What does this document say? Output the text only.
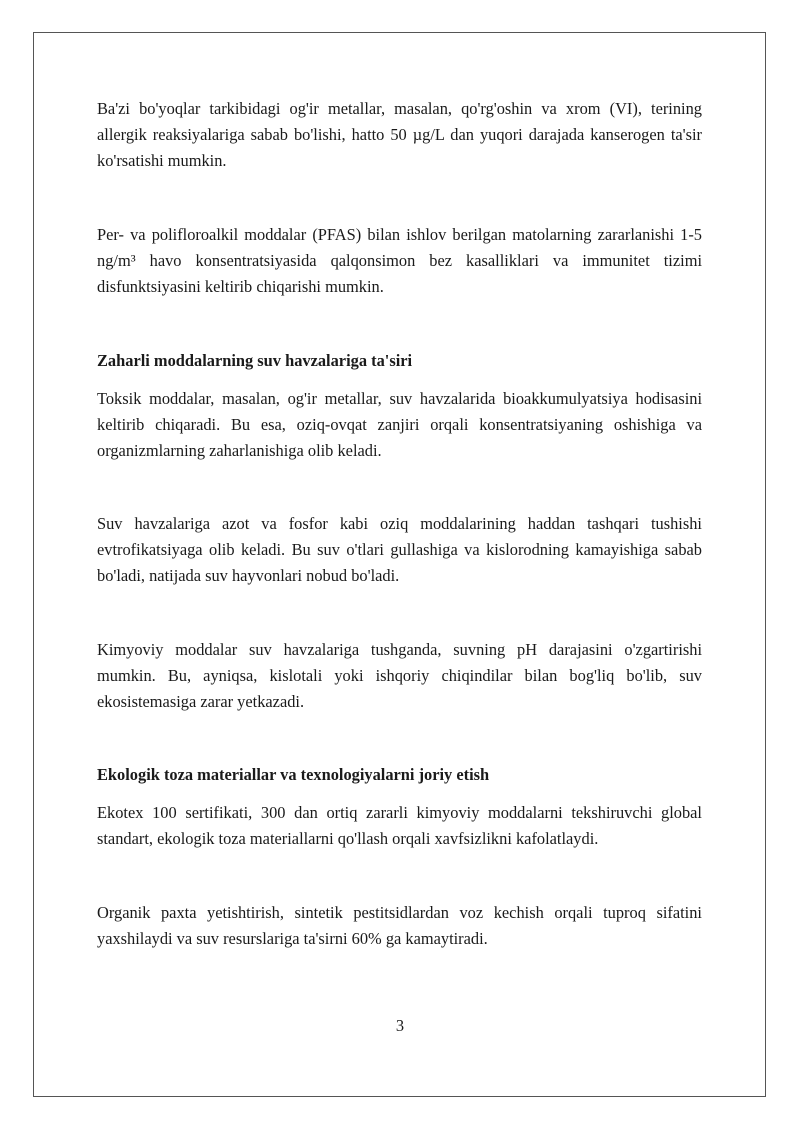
Ba'zi bo'yoqlar tarkibidagi og'ir metallar, masalan, qo'rg'oshin va xrom (VI), terining allergik reaksiyalariga sabab bo'lishi, hatto 50 µg/L dan yuqori darajada kanserogen ta'sir ko'rsatishi mumkin.

Per- va polifloroalkil moddalar (PFAS) bilan ishlov berilgan matolarning zararlanishi 1-5 ng/m³ havo konsentratsiyasida qalqonsimon bez kasalliklari va immunitet tizimi disfunktsiyasini keltirib chiqarishi mumkin.

Zaharli moddalarning suv havzalariga ta'siri

Toksik moddalar, masalan, og'ir metallar, suv havzalarida bioakkumulyatsiya hodisasini keltirib chiqaradi. Bu esa, oziq-ovqat zanjiri orqali konsentratsiyaning oshishiga va organizmlarning zaharlanishiga olib keladi.

Suv havzalariga azot va fosfor kabi oziq moddalarining haddan tashqari tushishi evtrofikatsiyaga olib keladi. Bu suv o'tlari gullashiga va kislorodning kamayishiga sabab bo'ladi, natijada suv hayvonlari nobud bo'ladi.

Kimyoviy moddalar suv havzalariga tushganda, suvning pH darajasini o'zgartirishi mumkin. Bu, ayniqsa, kislotali yoki ishqoriy chiqindilar bilan bog'liq bo'lib, suv ekosistemasiga zarar yetkazadi.

Ekologik toza materiallar va texnologiyalarni joriy etish

Ekotex 100 sertifikati, 300 dan ortiq zararli kimyoviy moddalarni tekshiruvchi global standart, ekologik toza materiallarni qo'llash orqali xavfsizlikni kafolatlaydi.

Organik paxta yetishtirish, sintetik pestitsidlardan voz kechish orqali tuproq sifatini yaxshilaydi va suv resurslariga ta'sirni 60% ga kamaytiradi.

3
